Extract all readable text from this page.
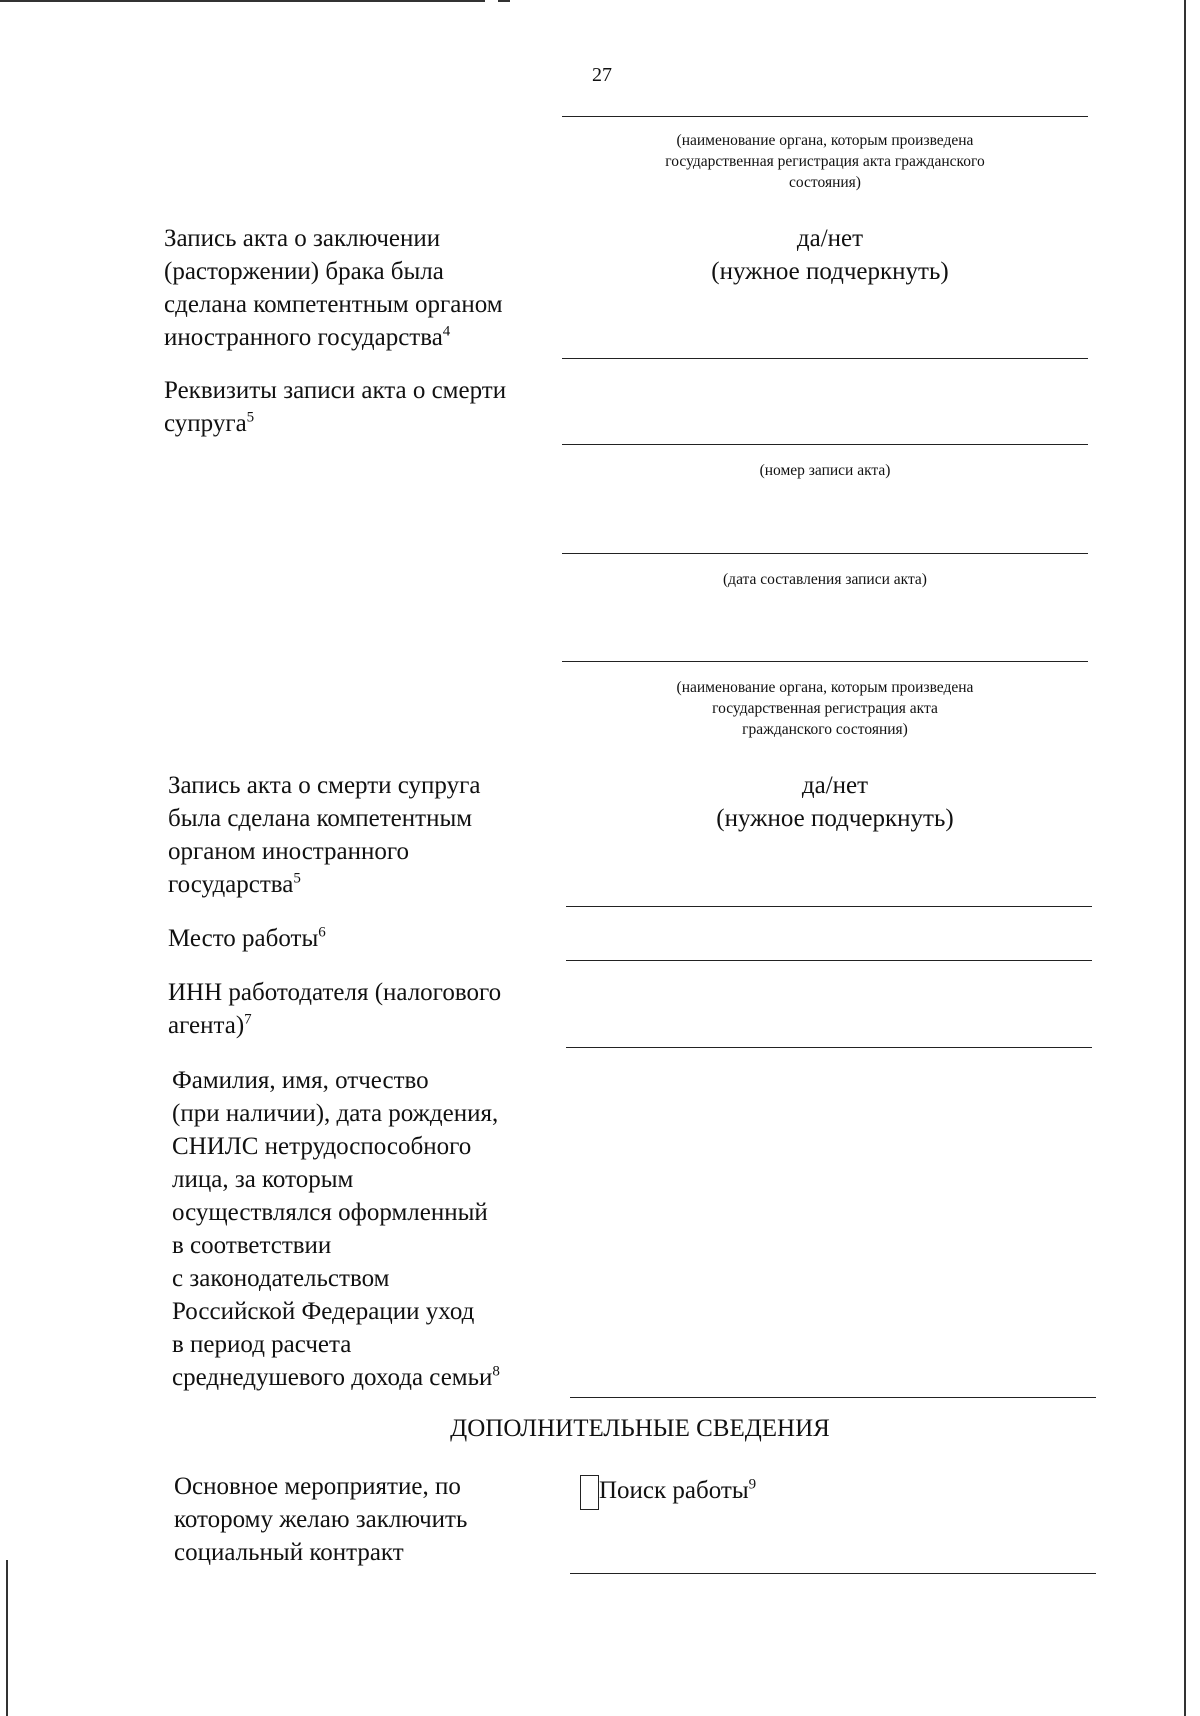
27
(наименование органа, которым произведена
государственная регистрация акта гражданского
состояния)
Запись акта о заключении
(расторжении) брака была
сделана компетентным органом
иностранного государства$^4$
да/нет
(нужное подчеркнуть)
Реквизиты записи акта о смерти
супруга$^5$
(номер записи акта)
(дата составления записи акта)
(наименование органа, которым произведена
государственная регистрация акта
гражданского состояния)
Запись акта о смерти супруга
была сделана компетентным
органом иностранного
государства$^5$
да/нет
(нужное подчеркнуть)
Место работы$^6$
ИНН работодателя (налогового
агента)$^7$
Фамилия, имя, отчество
(при наличии), дата рождения,
СНИЛС нетрудоспособного
лица, за которым
осуществлялся оформленный
в соответствии
с законодательством
Российской Федерации уход
в период расчета
среднедушевого дохода семьи$^8$
ДОПОЛНИТЕЛЬНЫЕ СВЕДЕНИЯ
Основное мероприятие, по
которому желаю заключить
социальный контракт
Поиск работы$^9$
